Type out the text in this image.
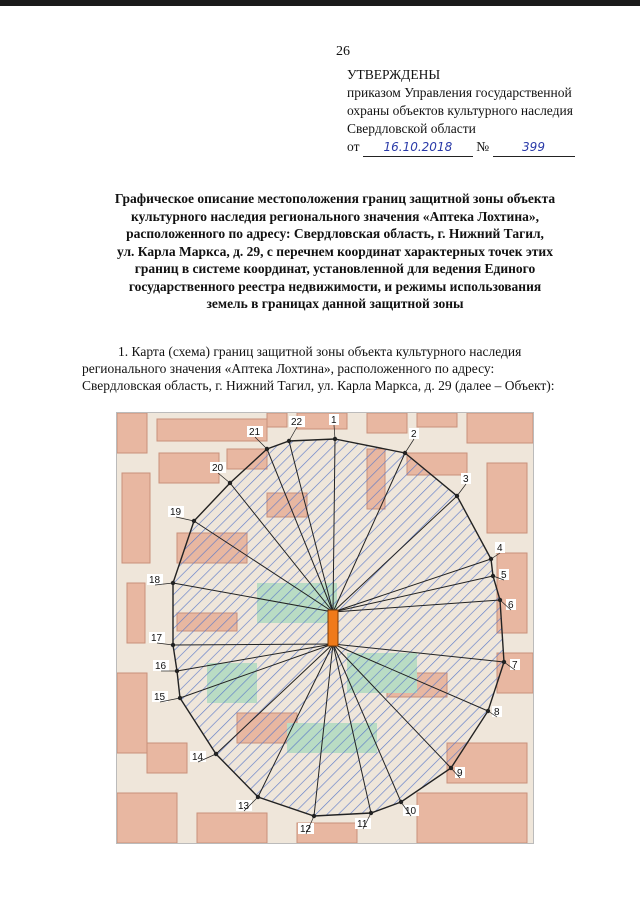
26
УТВЕРЖДЕНЫ
приказом Управления государственной
охраны объектов культурного наследия
Свердловской области
от 16.10.2018 №	399
Графическое описание местоположения границ защитной зоны объекта
культурного наследия регионального значения «Аптека Лохтина»,
расположенного по адресу: Свердловская область, г. Нижний Тагил,
ул. Карла Маркса, д. 29, с перечнем координат характерных точек этих
границ в системе координат, установленной для ведения Единого
государственного реестра недвижимости, и режимы использования
земель в границах данной защитной зоны
1. Карта (схема) границ защитной зоны объекта культурного наследия
регионального значения «Аптека Лохтина», расположенного по адресу:
Свердловская область, г. Нижний Тагил, ул. Карла Маркса, д. 29 (далее – Объект):
1
2
3
4
5
6
7
8
9
10
11
12
13
14
15
16
17
18
19
20
21
22
